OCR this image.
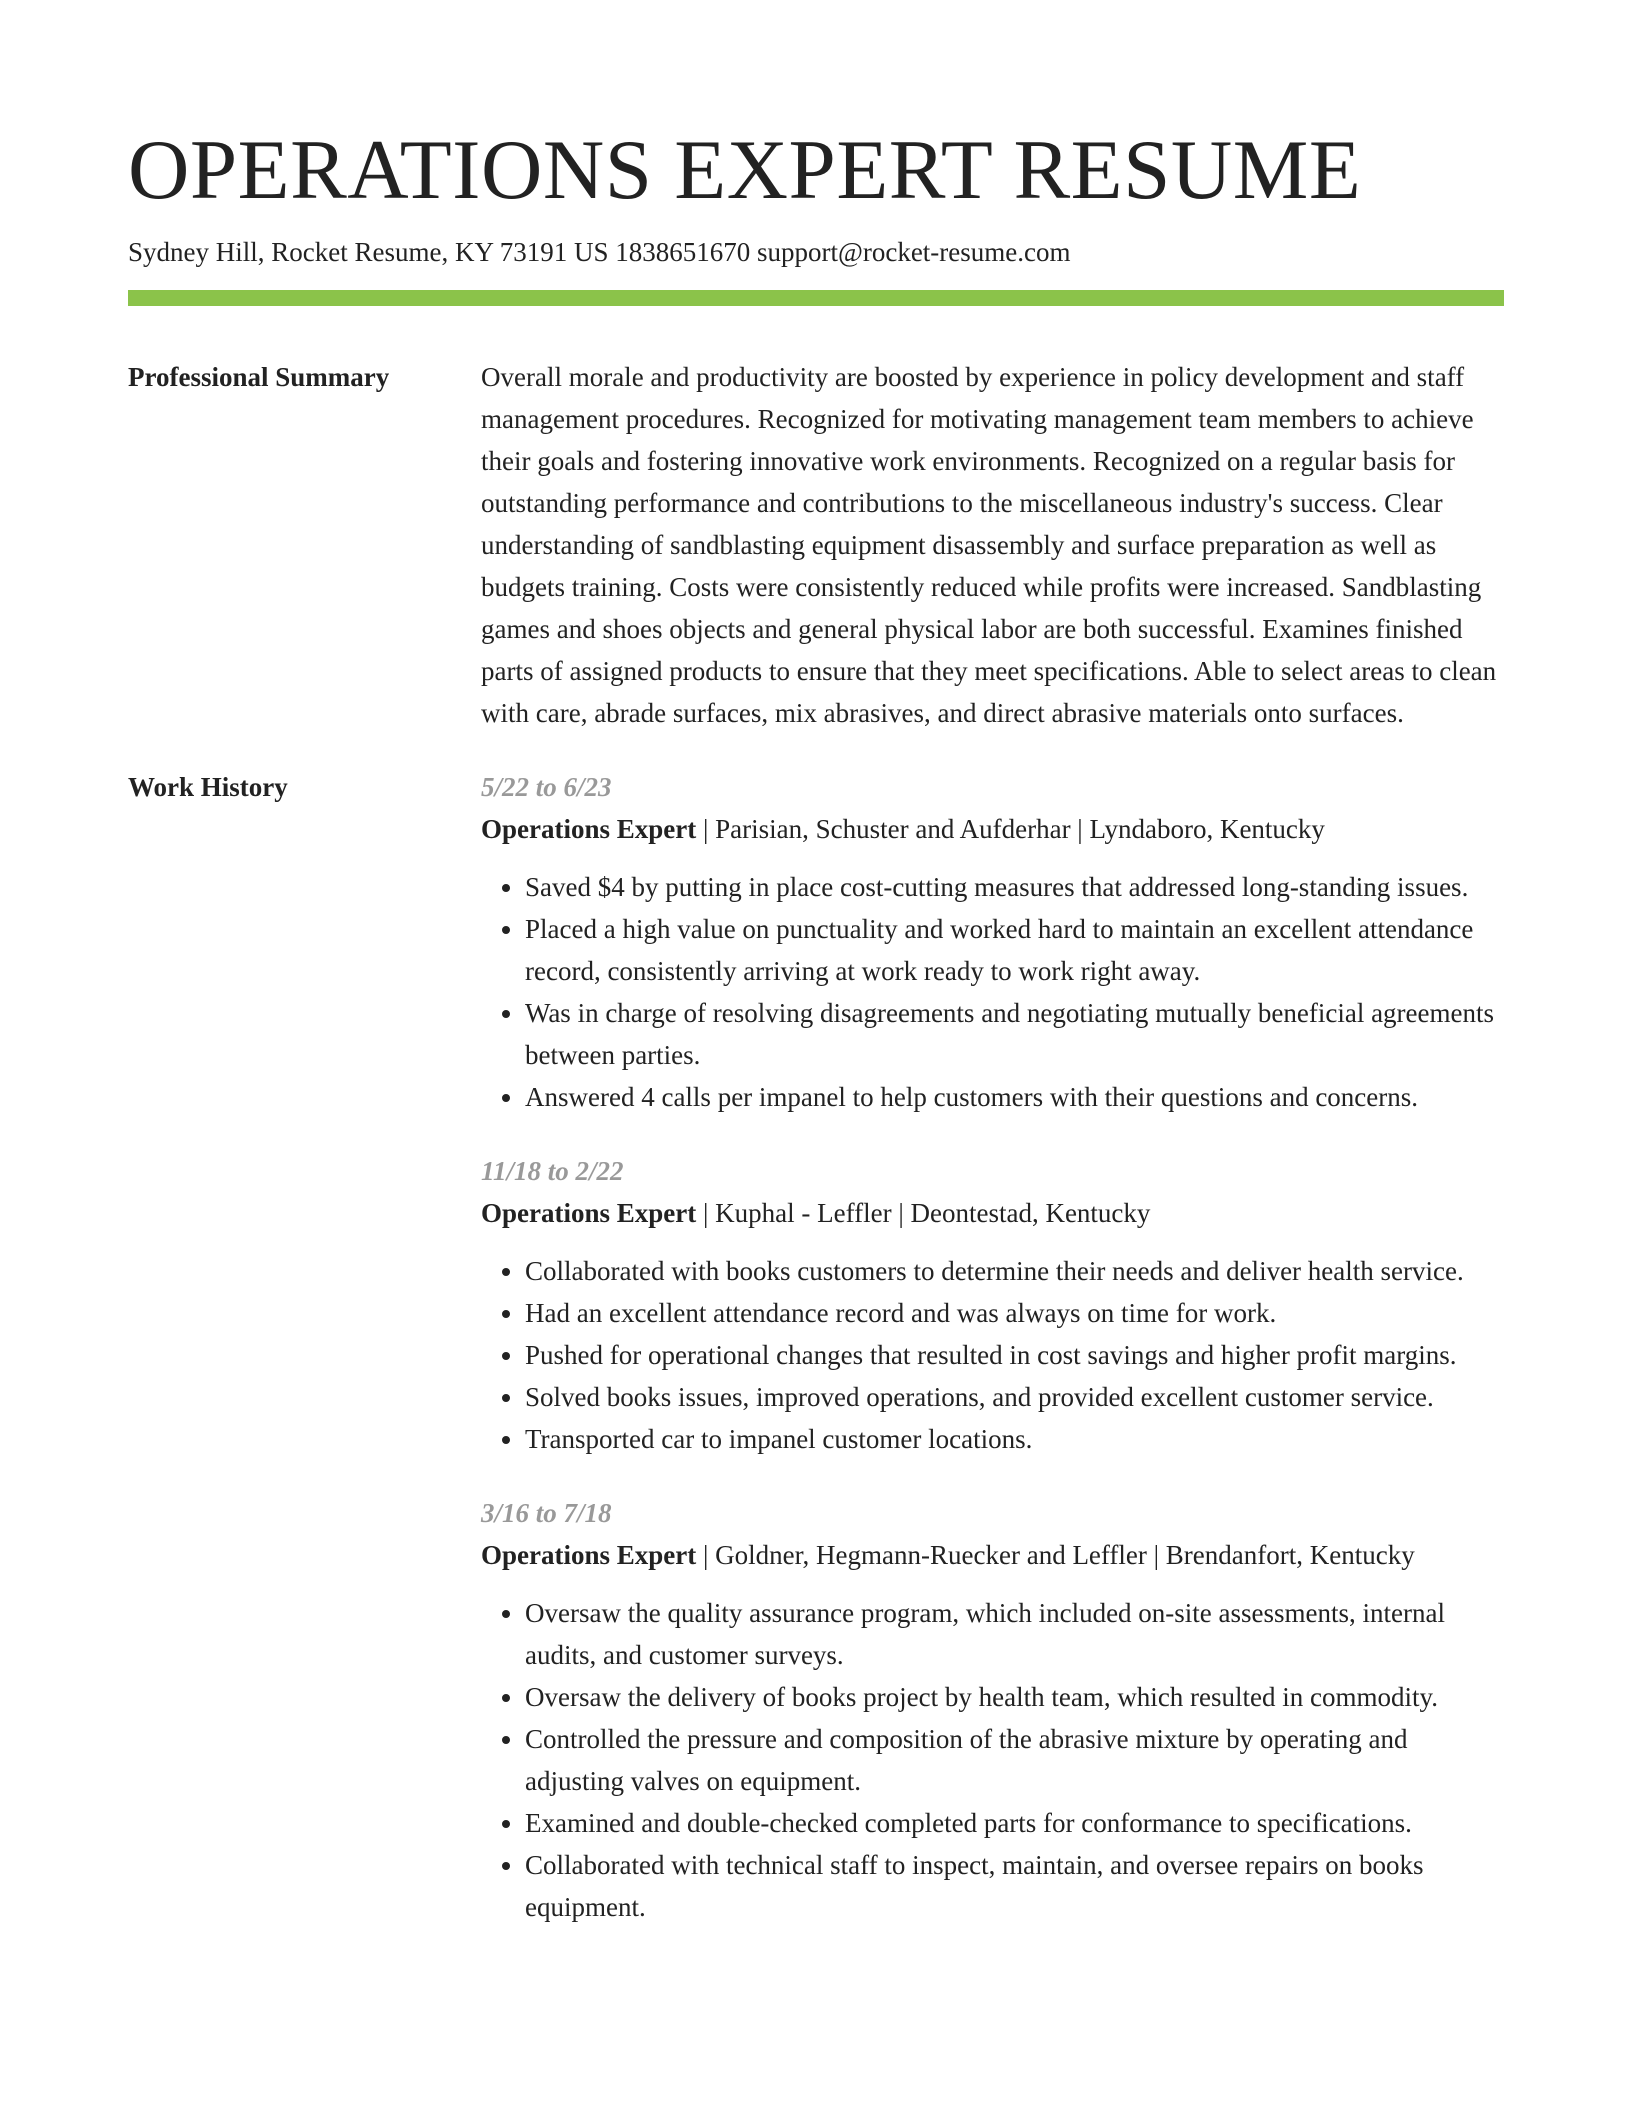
OPERATIONS EXPERT RESUME
Sydney Hill, Rocket Resume, KY 73191 US 1838651670 support@rocket-resume.com
Professional Summary	Overall morale and productivity are boosted by experience in policy development and staff management procedures. Recognized for motivating management team members to achieve their goals and fostering innovative work environments. Recognized on a regular basis for outstanding performance and contributions to the miscellaneous industry's success. Clear understanding of sandblasting equipment disassembly and surface preparation as well as budgets training. Costs were consistently reduced while profits were increased. Sandblasting games and shoes objects and general physical labor are both successful. Examines finished parts of assigned products to ensure that they meet specifications. Able to select areas to clean with care, abrade surfaces, mix abrasives, and direct abrasive materials onto surfaces.

Work History	5/22 to 6/23
Operations Expert | Parisian, Schuster and Aufderhar | Lyndaboro, Kentucky
• Saved $4 by putting in place cost-cutting measures that addressed long-standing issues.
• Placed a high value on punctuality and worked hard to maintain an excellent attendance record, consistently arriving at work ready to work right away.
• Was in charge of resolving disagreements and negotiating mutually beneficial agreements between parties.
• Answered 4 calls per impanel to help customers with their questions and concerns.
11/18 to 2/22
Operations Expert | Kuphal - Leffler | Deontestad, Kentucky
• Collaborated with books customers to determine their needs and deliver health service.
• Had an excellent attendance record and was always on time for work.
• Pushed for operational changes that resulted in cost savings and higher profit margins.
• Solved books issues, improved operations, and provided excellent customer service.
• Transported car to impanel customer locations.
3/16 to 7/18
Operations Expert | Goldner, Hegmann-Ruecker and Leffler | Brendanfort, Kentucky
• Oversaw the quality assurance program, which included on-site assessments, internal audits, and customer surveys.
• Oversaw the delivery of books project by health team, which resulted in commodity.
• Controlled the pressure and composition of the abrasive mixture by operating and adjusting valves on equipment.
• Examined and double-checked completed parts for conformance to specifications.
• Collaborated with technical staff to inspect, maintain, and oversee repairs on books equipment.
